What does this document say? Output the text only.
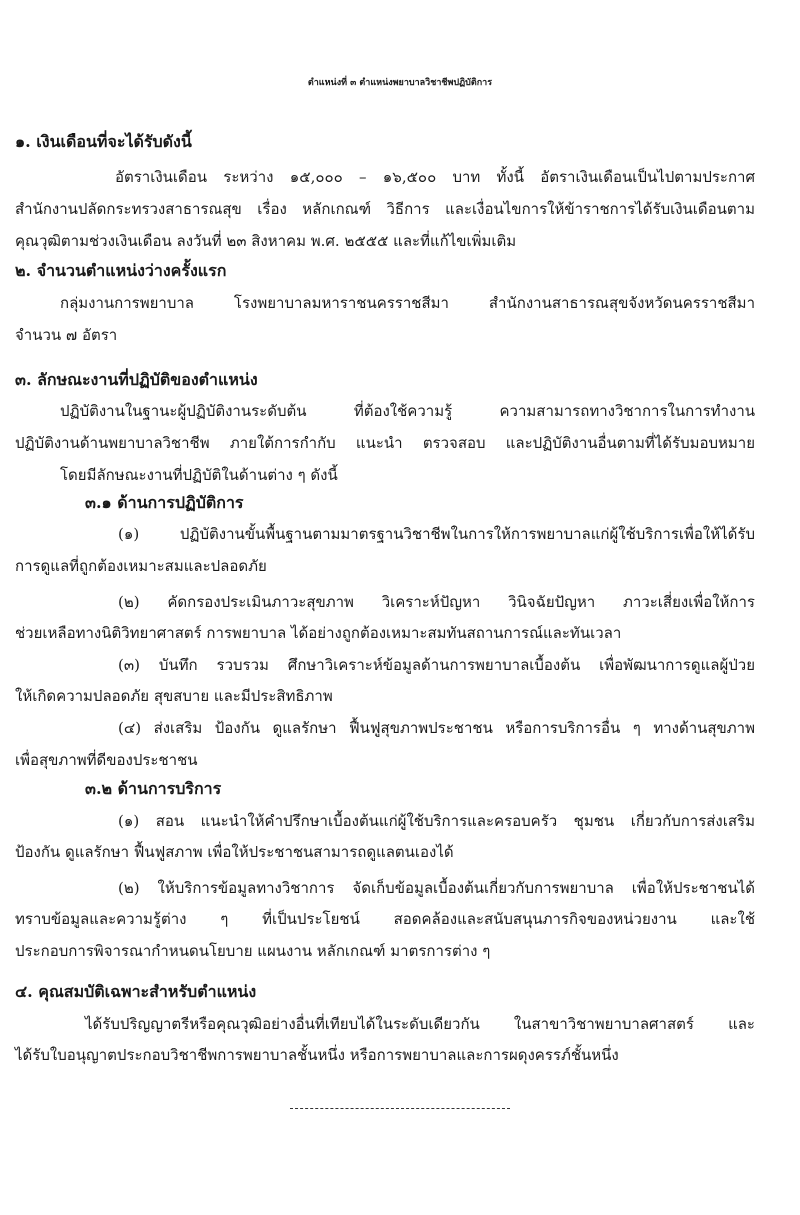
ตำแหน่งที่ ๓ ตำแหน่งพยาบาลวิชาชีพปฏิบัติการ
๑. เงินเดือนที่จะได้รับดังนี้
อัตราเงินเดือน ระหว่าง ๑๕,๐๐๐ – ๑๖,๕๐๐ บาท ทั้งนี้ อัตราเงินเดือนเป็นไปตามประกาศ
สำนักงานปลัดกระทรวงสาธารณสุข เรื่อง หลักเกณฑ์ วิธีการ และเงื่อนไขการให้ข้าราชการได้รับเงินเดือนตาม
คุณวุฒิตามช่วงเงินเดือน ลงวันที่ ๒๓ สิงหาคม พ.ศ. ๒๕๕๕ และที่แก้ไขเพิ่มเติม
๒. จำนวนตำแหน่งว่างครั้งแรก
กลุ่มงานการพยาบาล โรงพยาบาลมหาราชนครราชสีมา สำนักงานสาธารณสุขจังหวัดนครราชสีมา
จำนวน ๗ อัตรา
๓. ลักษณะงานที่ปฏิบัติของตำแหน่ง
ปฏิบัติงานในฐานะผู้ปฏิบัติงานระดับต้น ที่ต้องใช้ความรู้ ความสามารถทางวิชาการในการทำงาน
ปฏิบัติงานด้านพยาบาลวิชาชีพ ภายใต้การกำกับ แนะนำ ตรวจสอบ และปฏิบัติงานอื่นตามที่ได้รับมอบหมาย
โดยมีลักษณะงานที่ปฏิบัติในด้านต่าง ๆ ดังนี้
๓.๑ ด้านการปฏิบัติการ
(๑) ปฏิบัติงานขั้นพื้นฐานตามมาตรฐานวิชาชีพในการให้การพยาบาลแก่ผู้ใช้บริการเพื่อให้ได้รับ
การดูแลที่ถูกต้องเหมาะสมและปลอดภัย
(๒) คัดกรองประเมินภาวะสุขภาพ วิเคราะห์ปัญหา วินิจฉัยปัญหา ภาวะเสี่ยงเพื่อให้การ
ช่วยเหลือทางนิติวิทยาศาสตร์ การพยาบาล ได้อย่างถูกต้องเหมาะสมทันสถานการณ์และทันเวลา
(๓) บันทึก รวบรวม ศึกษาวิเคราะห์ข้อมูลด้านการพยาบาลเบื้องต้น เพื่อพัฒนาการดูแลผู้ป่วย
ให้เกิดความปลอดภัย สุขสบาย และมีประสิทธิภาพ
(๔) ส่งเสริม ป้องกัน ดูแลรักษา ฟื้นฟูสุขภาพประชาชน หรือการบริการอื่น ๆ ทางด้านสุขภาพ
เพื่อสุขภาพที่ดีของประชาชน
๓.๒ ด้านการบริการ
(๑) สอน แนะนำให้คำปรึกษาเบื้องต้นแก่ผู้ใช้บริการและครอบครัว ชุมชน เกี่ยวกับการส่งเสริม
ป้องกัน ดูแลรักษา ฟื้นฟูสภาพ เพื่อให้ประชาชนสามารถดูแลตนเองได้
(๒) ให้บริการข้อมูลทางวิชาการ จัดเก็บข้อมูลเบื้องต้นเกี่ยวกับการพยาบาล เพื่อให้ประชาชนได้
ทราบข้อมูลและความรู้ต่าง ๆ ที่เป็นประโยชน์ สอดคล้องและสนับสนุนภารกิจของหน่วยงาน และใช้
ประกอบการพิจารณากำหนดนโยบาย แผนงาน หลักเกณฑ์ มาตรการต่าง ๆ
๔. คุณสมบัติเฉพาะสำหรับตำแหน่ง
ได้รับปริญญาตรีหรือคุณวุฒิอย่างอื่นที่เทียบได้ในระดับเดียวกัน ในสาขาวิชาพยาบาลศาสตร์ และ
ได้รับใบอนุญาตประกอบวิชาชีพการพยาบาลชั้นหนึ่ง หรือการพยาบาลและการผดุงครรภ์ชั้นหนึ่ง
